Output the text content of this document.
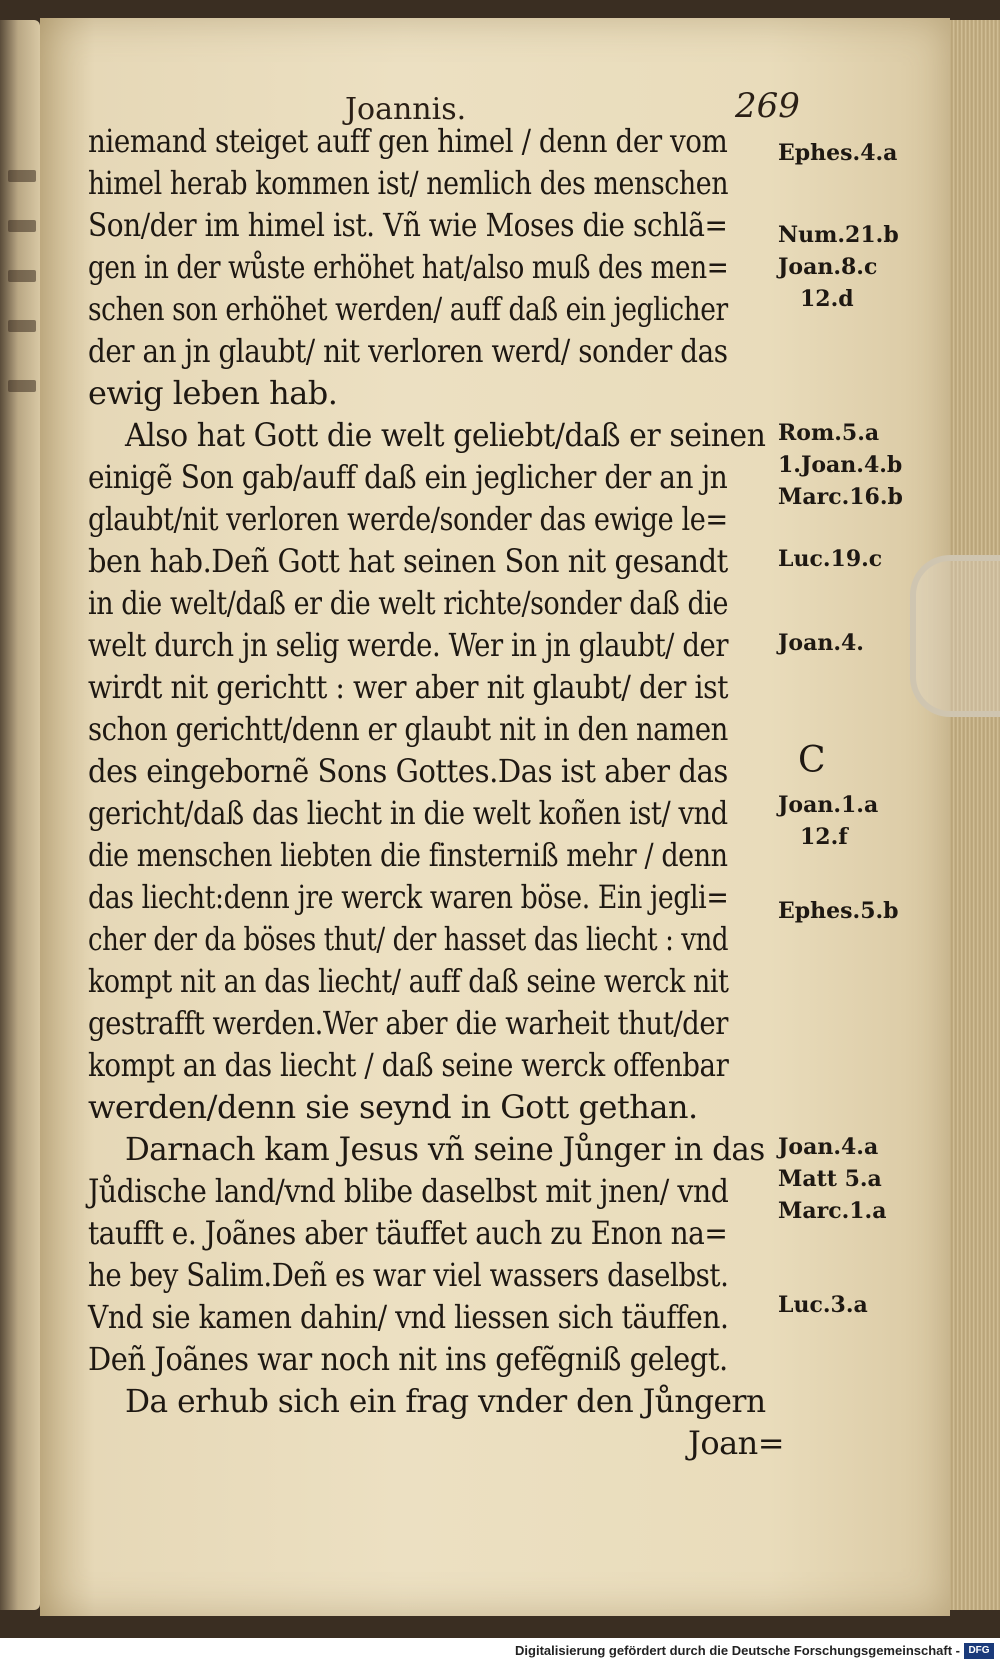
Joannis.	269
niemand steiget auff gen himel / denn der vom
himel herab kommen ist/ nemlich des menschen
Son/der im himel ist. Vñ wie Moses die schlã=
gen in der wůste erhöhet hat/also muß des men=
schen son erhöhet werden/ auff daß ein jeglicher
der an jn glaubt/ nit verloren werd/ sonder das
ewig leben hab.
Also hat Gott die welt geliebt/daß er seinen
einigẽ Son gab/auff daß ein jeglicher der an jn
glaubt/nit verloren werde/sonder das ewige le=
ben hab.Deñ Gott hat seinen Son nit gesandt
in die welt/daß er die welt richte/sonder daß die
welt durch jn selig werde. Wer in jn glaubt/ der
wirdt nit gerichtt : wer aber nit glaubt/ der ist
schon gerichtt/denn er glaubt nit in den namen
des eingebornẽ Sons Gottes.Das ist aber das
gericht/daß das liecht in die welt koñen ist/ vnd
die menschen liebten die finsterniß mehr / denn
das liecht:denn jre werck waren böse. Ein jegli=
cher der da böses thut/ der hasset das liecht : vnd
kompt nit an das liecht/ auff daß seine werck nit
gestrafft werden.Wer aber die warheit thut/der
kompt an das liecht / daß seine werck offenbar
werden/denn sie seynd in Gott gethan.
Darnach kam Jesus vñ seine Jůnger in das
Jůdische land/vnd blibe daselbst mit jnen/ vnd
taufft e. Joãnes aber täuffet auch zu Enon na=
he bey Salim.Deñ es war viel wassers daselbst.
Vnd sie kamen dahin/ vnd liessen sich täuffen.
Deñ Joãnes war noch nit ins gefẽgniß gelegt.
Da erhub sich ein frag vnder den Jůngern
Joan=
Ephes.4.a
Num.21.b
Joan.8.c
12.d
Rom.5.a
1.Joan.4.b
Marc.16.b
Luc.19.c
Joan.4.
C
Joan.1.a
12.f
Ephes.5.b
Joan.4.a
Matt 5.a
Marc.1.a
Luc.3.a
Digitalisierung gefördert durch die Deutsche Forschungsgemeinschaft - DFG
